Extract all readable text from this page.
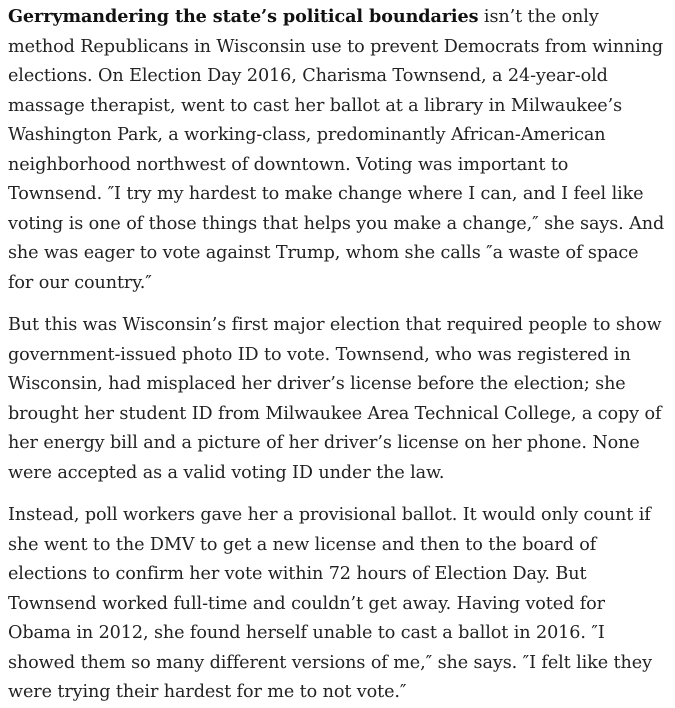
Gerrymandering the state’s political boundaries isn’t the only method Republicans in Wisconsin use to prevent Democrats from winning elections. On Election Day 2016, Charisma Townsend, a 24-year-old massage therapist, went to cast her ballot at a library in Milwaukee’s Washington Park, a working-class, predominantly African-American neighborhood northwest of downtown. Voting was important to Townsend. ″I try my hardest to make change where I can, and I feel like voting is one of those things that helps you make a change,″ she says. And she was eager to vote against Trump, whom she calls ″a waste of space for our country.″

But this was Wisconsin’s first major election that required people to show government-issued photo ID to vote. Townsend, who was registered in Wisconsin, had misplaced her driver’s license before the election; she brought her student ID from Milwaukee Area Technical College, a copy of her energy bill and a picture of her driver’s license on her phone. None were accepted as a valid voting ID under the law.

Instead, poll workers gave her a provisional ballot. It would only count if she went to the DMV to get a new license and then to the board of elections to confirm her vote within 72 hours of Election Day. But Townsend worked full-time and couldn’t get away. Having voted for Obama in 2012, she found herself unable to cast a ballot in 2016. ″I showed them so many different versions of me,″ she says. ″I felt like they were trying their hardest for me to not vote.″
